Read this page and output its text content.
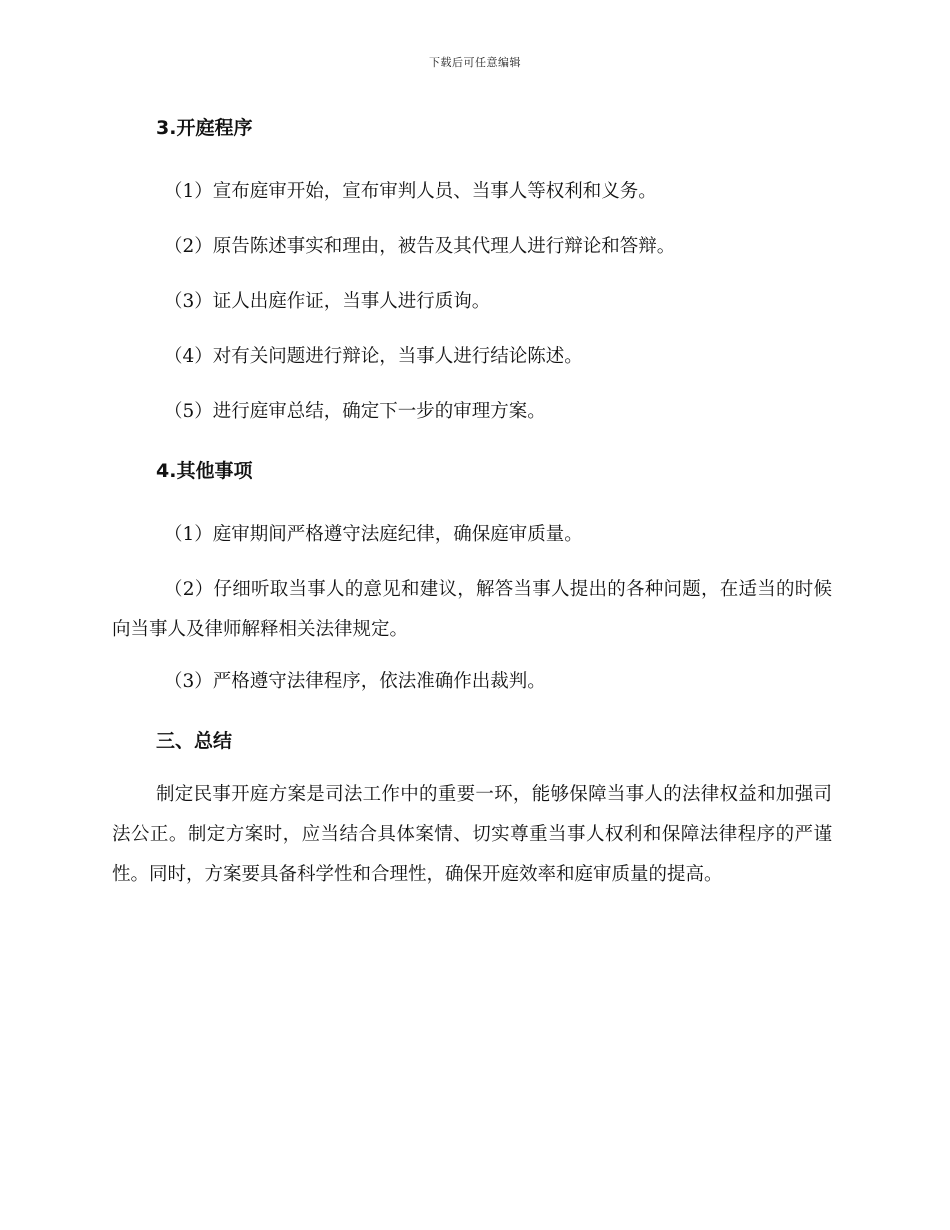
下载后可任意编辑
3.开庭程序
（1）宣布庭审开始，宣布审判人员、当事人等权利和义务。
（2）原告陈述事实和理由，被告及其代理人进行辩论和答辩。
（3）证人出庭作证，当事人进行质询。
（4）对有关问题进行辩论，当事人进行结论陈述。
（5）进行庭审总结，确定下一步的审理方案。
4.其他事项
（1）庭审期间严格遵守法庭纪律，确保庭审质量。
（2）仔细听取当事人的意见和建议，解答当事人提出的各种问题，在适当的时候向当事人及律师解释相关法律规定。
（3）严格遵守法律程序，依法准确作出裁判。
三、总结
制定民事开庭方案是司法工作中的重要一环，能够保障当事人的法律权益和加强司法公正。制定方案时，应当结合具体案情、切实尊重当事人权利和保障法律程序的严谨性。同时，方案要具备科学性和合理性，确保开庭效率和庭审质量的提高。
